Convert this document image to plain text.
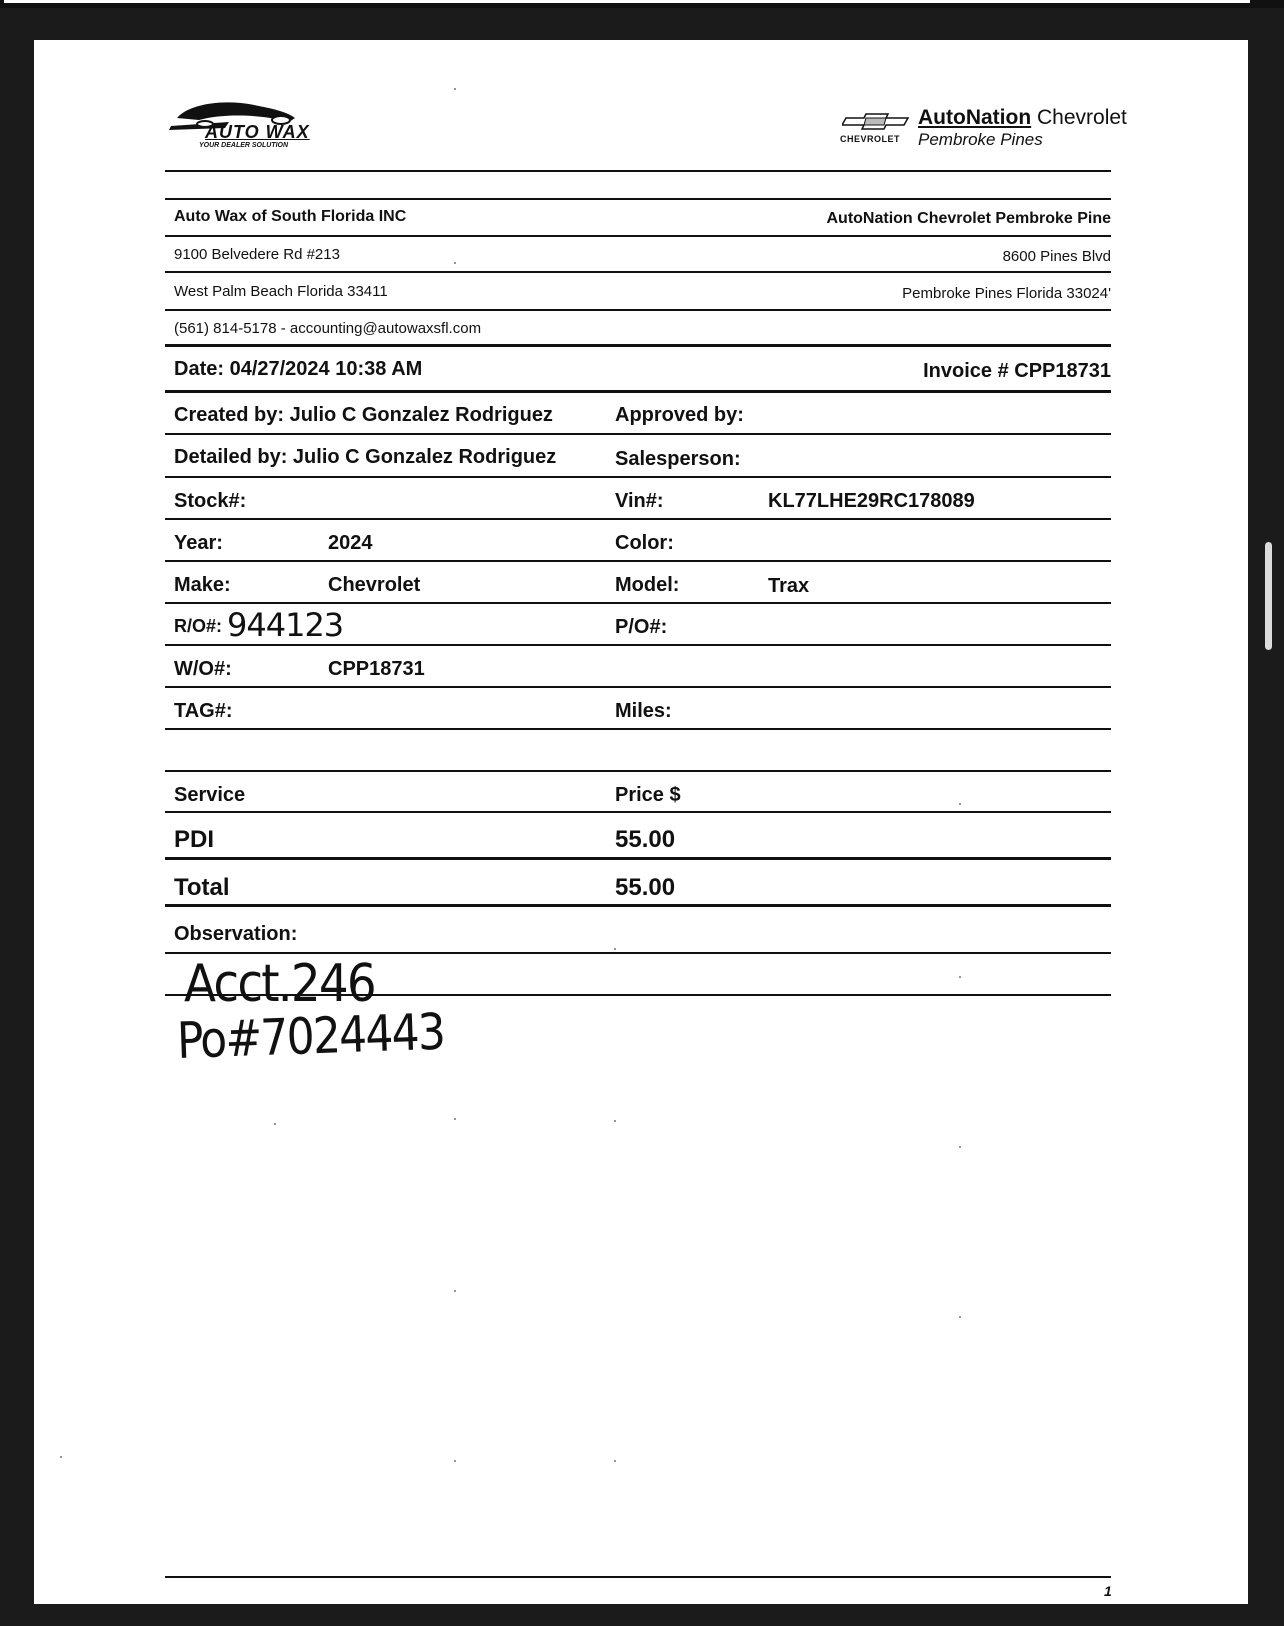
AUTO WAX
YOUR DEALER SOLUTION
CHEVROLET
AutoNation Chevrolet
Pembroke Pines
Auto Wax of South Florida INC	AutoNation Chevrolet Pembroke Pine
9100 Belvedere Rd #213	8600 Pines Blvd
West Palm Beach Florida 33411	Pembroke Pines Florida 33024'
(561) 814-5178 - accounting@autowaxsfl.com
Date: 04/27/2024 10:38 AM	Invoice # CPP18731
Created by: Julio C Gonzalez Rodriguez	Approved by:
Detailed by: Julio C Gonzalez Rodriguez	Salesperson:
Stock#:	Vin#:	KL77LHE29RC178089
Year:	2024	Color:
Make:	Chevrolet	Model:	Trax
R/O#: 944123	P/O#:
W/O#:	CPP18731
TAG#:	Miles:
Service	Price $
PDI	55.00
Total	55.00
Observation:
Acct.246
Po#7024443
1
